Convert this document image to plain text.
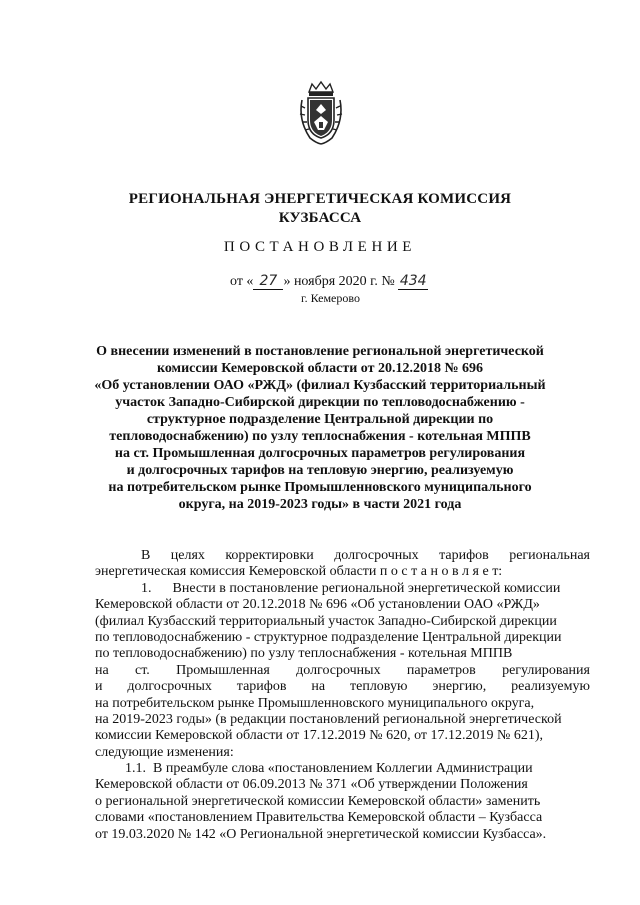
РЕГИОНАЛЬНАЯ ЭНЕРГЕТИЧЕСКАЯ КОМИССИЯ
КУЗБАССА
ПОСТАНОВЛЕНИЕ
от « 27 » ноября 2020 г. № 434
г. Кемерово
О внесении изменений в постановление региональной энергетической
комиссии Кемеровской области от 20.12.2018 № 696
«Об установлении ОАО «РЖД» (филиал Кузбасский территориальный
участок Западно-Сибирской дирекции по тепловодоснабжению -
структурное подразделение Центральной дирекции по
тепловодоснабжению) по узлу теплоснабжения - котельная МППВ
на ст. Промышленная долгосрочных параметров регулирования
и долгосрочных тарифов на тепловую энергию, реализуемую
на потребительском рынке Промышленновского муниципального
округа, на 2019-2023 годы» в части 2021 года
В целях корректировки долгосрочных тарифов региональная
энергетическая комиссия Кемеровской области п о с т а н о в л я е т:
1.      Внести в постановление региональной энергетической комиссии
Кемеровской области от 20.12.2018 № 696 «Об установлении ОАО «РЖД»
(филиал Кузбасский территориальный участок Западно-Сибирской дирекции
по тепловодоснабжению - структурное подразделение Центральной дирекции
по тепловодоснабжению) по узлу теплоснабжения - котельная МППВ
на ст. Промышленная долгосрочных параметров регулирования
и долгосрочных тарифов на тепловую энергию, реализуемую
на потребительском рынке Промышленновского муниципального округа,
на 2019-2023 годы» (в редакции постановлений региональной энергетической
комиссии Кемеровской области от 17.12.2019 № 620, от 17.12.2019 № 621),
следующие изменения:
1.1.  В преамбуле слова «постановлением Коллегии Администрации
Кемеровской области от 06.09.2013 № 371 «Об утверждении Положения
о региональной энергетической комиссии Кемеровской области» заменить
словами «постановлением Правительства Кемеровской области – Кузбасса
от 19.03.2020 № 142 «О Региональной энергетической комиссии Кузбасса».
